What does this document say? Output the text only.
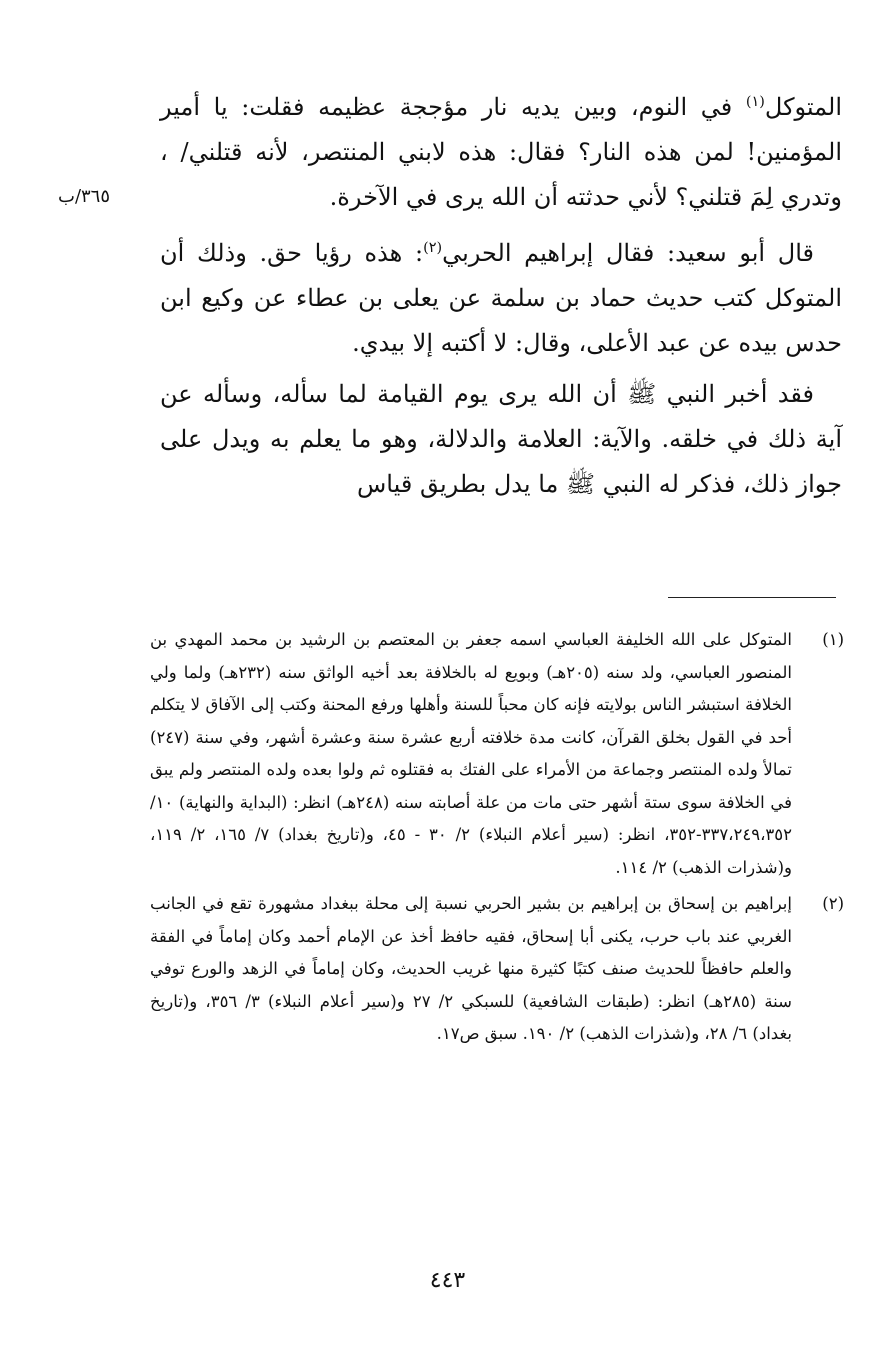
المتوكل$^{(١)}$ في النوم، وبين يديه نار مؤججة عظيمه فقلت: يا أمير المؤمنين! لمن هذه النار؟ فقال: هذه لابني المنتصر، لأنه قتلني/ ، وتدري لِمَ قتلني؟ لأني حدثته أن الله يرى في الآخرة.

قال أبو سعيد: فقال إبراهيم الحربي$^{(٢)}$: هذه رؤيا حق. وذلك أن المتوكل كتب حديث حماد بن سلمة عن يعلى بن عطاء عن وكيع ابن حدس بيده عن عبد الأعلى، وقال: لا أكتبه إلا بيدي.

فقد أخبر النبي ﷺ أن الله يرى يوم القيامة لما سأله، وسأله عن آية ذلك في خلقه. والآية: العلامة والدلالة، وهو ما يعلم به ويدل على جواز ذلك، فذكر له النبي ﷺ ما يدل بطريق قياس

٣٦٥/ب
(١)
المتوكل على الله الخليفة العباسي اسمه جعفر بن المعتصم بن الرشيد بن محمد المهدي بن المنصور العباسي، ولد سنه (٢٠٥هـ) وبويع له بالخلافة بعد أخيه الواثق سنه (٢٣٢هـ) ولما ولي الخلافة استبشر الناس بولايته فإنه كان محباً للسنة وأهلها ورفع المحنة وكتب إلى الآفاق لا يتكلم أحد في القول بخلق القرآن، كانت مدة خلافته أربع عشرة سنة وعشرة أشهر، وفي سنة (٢٤٧) تمالأ ولده المنتصر وجماعة من الأمراء على الفتك به فقتلوه ثم ولوا بعده ولده المنتصر ولم يبق في الخلافة سوى ستة أشهر حتى مات من علة أصابته سنه (٢٤٨هـ) انظر: (البداية والنهاية) ١٠/ ٣٣٧،٢٤٩،٣٥٢-٣٥٢، انظر: (سير أعلام النبلاء) ٢/ ٣٠ - ٤٥، و(تاريخ بغداد) ٧/ ١٦٥، ٢/ ١١٩، و(شذرات الذهب) ٢/ ١١٤.
(٢)
إبراهيم بن إسحاق بن إبراهيم بن بشير الحربي نسبة إلى محلة ببغداد مشهورة تقع في الجانب الغربي عند باب حرب، يكنى أبا إسحاق، فقيه حافظ أخذ عن الإمام أحمد وكان إماماً في الفقة والعلم حافظاً للحديث صنف كتبًا كثيرة منها غريب الحديث، وكان إماماً في الزهد والورع توفي سنة (٢٨٥هـ) انظر: (طبقات الشافعية) للسبكي ٢/ ٢٧ و(سير أعلام النبلاء) ٣/ ٣٥٦، و(تاريخ بغداد) ٦/ ٢٨، و(شذرات الذهب) ٢/ ١٩٠. سبق ص١٧.
٤٤٣
